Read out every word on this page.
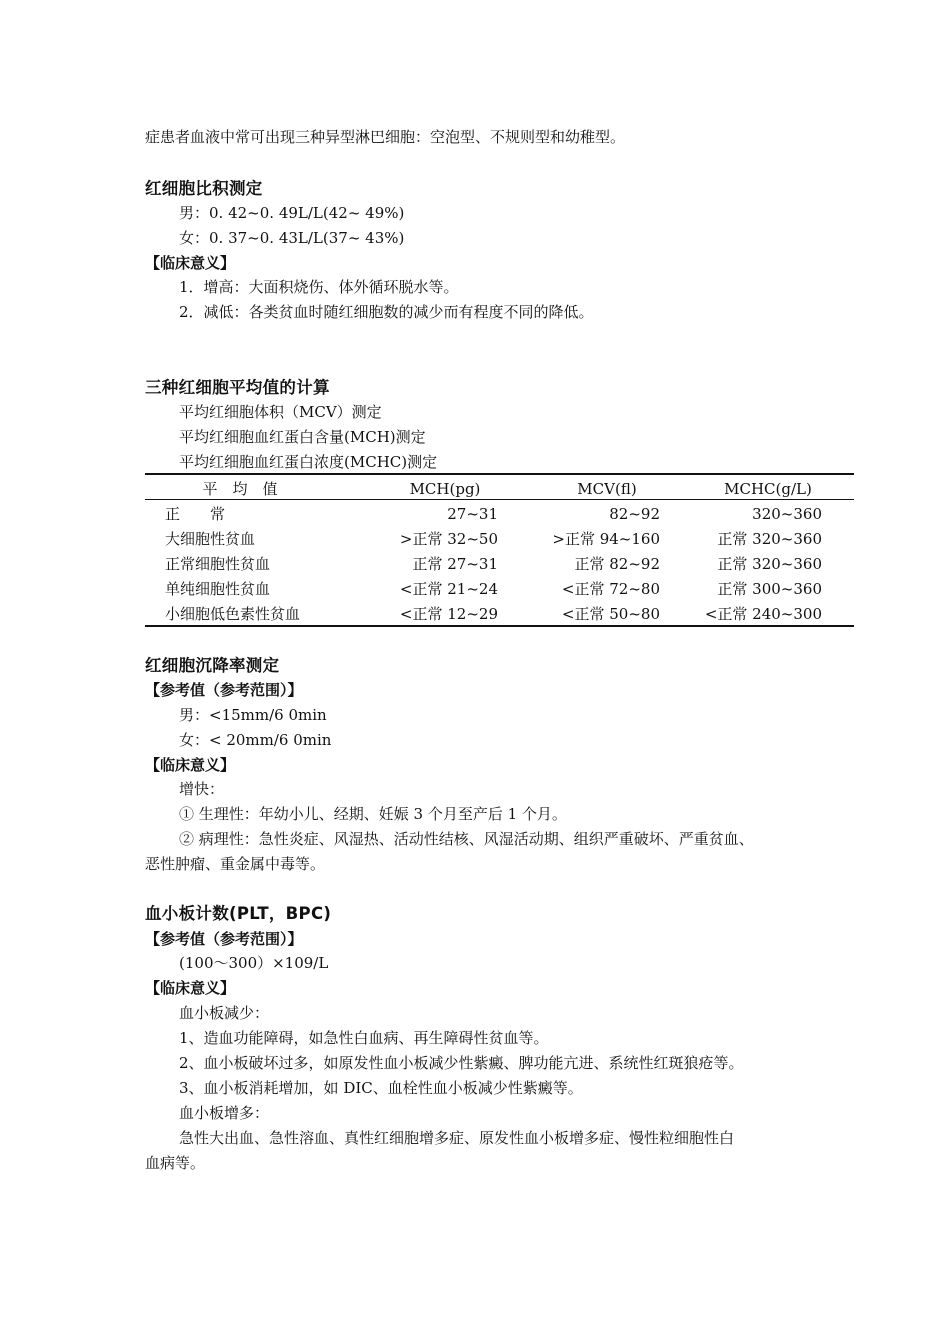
症患者血液中常可出现三种异型淋巴细胞：空泡型、不规则型和幼稚型。
红细胞比积测定
男：0. 42~0. 49L/L(42~ 49%)
女：0. 37~0. 43L/L(37~ 43%)
【临床意义】
1．增高：大面积烧伤、体外循环脱水等。
2．减低：各类贫血时随红细胞数的减少而有程度不同的降低。
三种红细胞平均值的计算
平均红细胞体积（MCV）测定
平均红细胞血红蛋白含量(MCH)测定
平均红细胞血红蛋白浓度(MCHC)测定
平　均　值	MCH(pg)	MCV(fl)	MCHC(g/L)
正　　常	27~31	82~92	320~360
大细胞性贫血	>正常 32~50	>正常 94~160	正常 320~360
正常细胞性贫血	正常 27~31	正常 82~92	正常 320~360
单纯细胞性贫血	<正常 21~24	<正常 72~80	正常 300~360
小细胞低色素性贫血	<正常 12~29	<正常 50~80	<正常 240~300
红细胞沉降率测定
【参考值（参考范围）】
男：<15mm/6 0min
女：< 20mm/6 0min
【临床意义】
增快：
① 生理性：年幼小儿、经期、妊娠 3 个月至产后 1 个月。
② 病理性：急性炎症、风湿热、活动性结核、风湿活动期、组织严重破坏、严重贫血、
恶性肿瘤、重金属中毒等。
血小板计数(PLT，BPC)
【参考值（参考范围）】
(100～300）×109/L
【临床意义】
血小板减少：
1、造血功能障碍，如急性白血病、再生障碍性贫血等。
2、血小板破坏过多，如原发性血小板减少性紫癜、脾功能亢进、系统性红斑狼疮等。
3、血小板消耗增加，如 DIC、血栓性血小板减少性紫癜等。
血小板增多：
急性大出血、急性溶血、真性红细胞增多症、原发性血小板增多症、慢性粒细胞性白
血病等。
